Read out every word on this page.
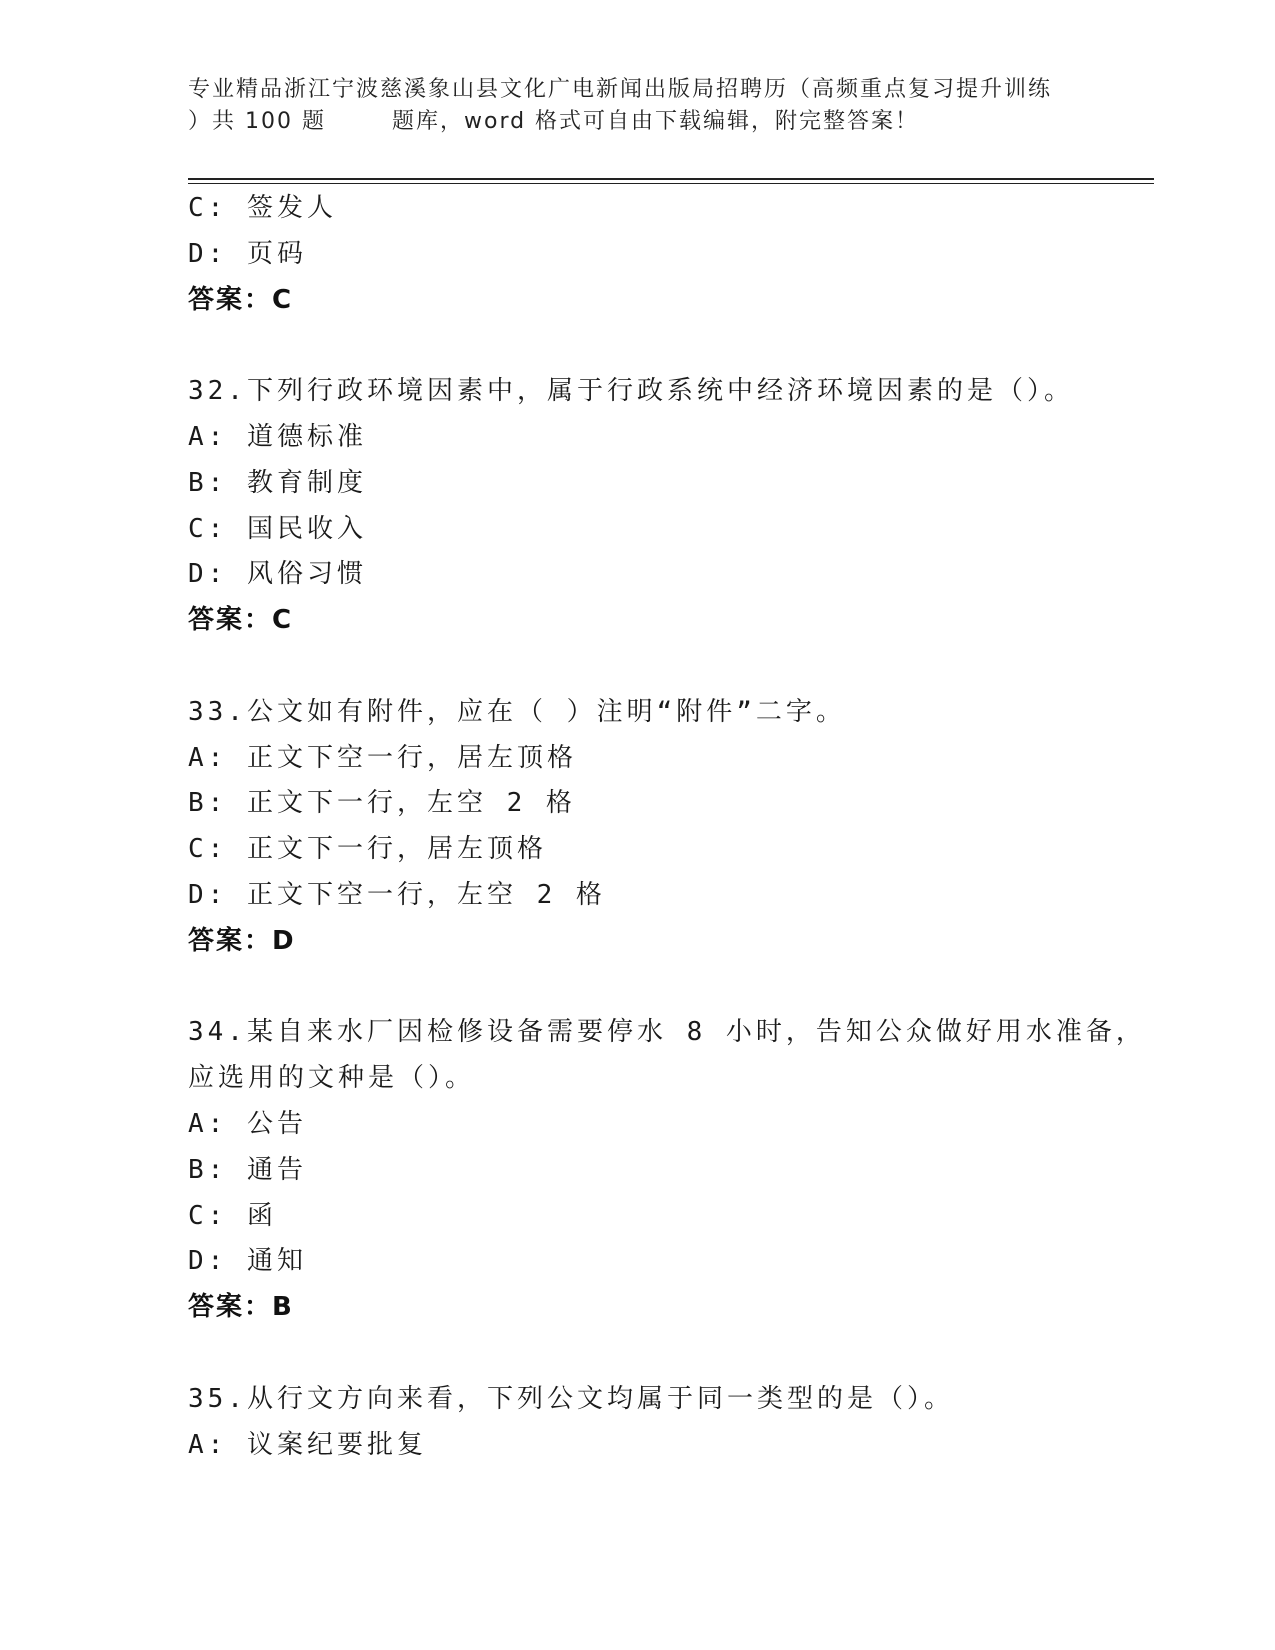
专业精品浙江宁波慈溪象山县文化广电新闻出版局招聘历（高频重点复习提升训练
）共 100 题	题库，word 格式可自由下载编辑，附完整答案！
C: 签发人
D: 页码
答案：C
32.下列行政环境因素中，属于行政系统中经济环境因素的是（）。
A: 道德标准
B: 教育制度
C: 国民收入
D: 风俗习惯
答案：C
33.公文如有附件，应在（ ）注明“附件”二字。
A: 正文下空一行，居左顶格
B: 正文下一行，左空 2 格
C: 正文下一行，居左顶格
D: 正文下空一行，左空 2 格
答案：D
34.某自来水厂因检修设备需要停水 8 小时，告知公众做好用水准备，
应选用的文种是（）。
A: 公告
B: 通告
C: 函
D: 通知
答案：B
35.从行文方向来看，下列公文均属于同一类型的是（）。
A: 议案纪要批复
